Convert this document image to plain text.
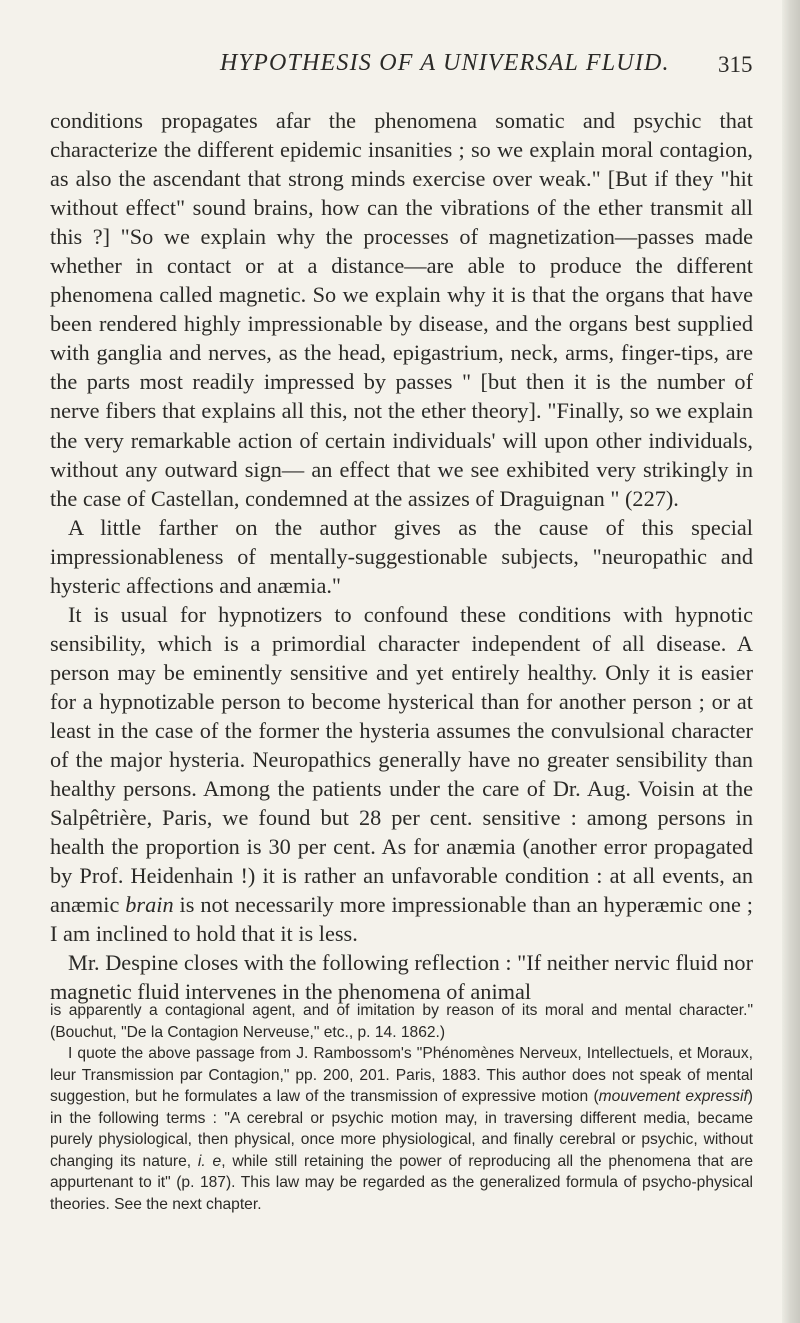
HYPOTHESIS OF A UNIVERSAL FLUID. 315

conditions propagates afar the phenomena somatic and psychic that characterize the different epidemic insanities ; so we explain moral contagion, as also the ascendant that strong minds exercise over weak." [But if they "hit without effect" sound brains, how can the vibrations of the ether transmit all this ?] "So we explain why the processes of magnetization—passes made whether in contact or at a distance—are able to produce the different phenomena called magnetic. So we explain why it is that the organs that have been rendered highly impressionable by disease, and the organs best supplied with ganglia and nerves, as the head, epigastrium, neck, arms, finger-tips, are the parts most readily impressed by passes " [but then it is the number of nerve fibers that explains all this, not the ether theory]. "Finally, so we explain the very remarkable action of certain individuals' will upon other individuals, without any outward sign— an effect that we see exhibited very strikingly in the case of Castellan, condemned at the assizes of Draguignan " (227).

A little farther on the author gives as the cause of this special impressionableness of mentally-suggestionable subjects, "neuropathic and hysteric affections and anæmia."

It is usual for hypnotizers to confound these conditions with hypnotic sensibility, which is a primordial character independent of all disease. A person may be eminently sensitive and yet entirely healthy. Only it is easier for a hypnotizable person to become hysterical than for another person ; or at least in the case of the former the hysteria assumes the convulsional character of the major hysteria. Neuropathics generally have no greater sensibility than healthy persons. Among the patients under the care of Dr. Aug. Voisin at the Salpêtrière, Paris, we found but 28 per cent. sensitive : among persons in health the proportion is 30 per cent. As for anæmia (another error propagated by Prof. Heidenhain !) it is rather an unfavorable condition : at all events, an anæmic brain is not necessarily more impressionable than an hyperæmic one ; I am inclined to hold that it is less.

Mr. Despine closes with the following reflection : "If neither nervic fluid nor magnetic fluid intervenes in the phenomena of animal

is apparently a contagional agent, and of imitation by reason of its moral and mental character." (Bouchut, "De la Contagion Nerveuse," etc., p. 14. 1862.)

I quote the above passage from J. Rambossom's "Phénomènes Nerveux, Intellectuels, et Moraux, leur Transmission par Contagion," pp. 200, 201. Paris, 1883. This author does not speak of mental suggestion, but he formulates a law of the transmission of expressive motion (mouvement expressif) in the following terms : "A cerebral or psychic motion may, in traversing different media, became purely physiological, then physical, once more physiological, and finally cerebral or psychic, without changing its nature, i. e, while still retaining the power of reproducing all the phenomena that are appurtenant to it" (p. 187). This law may be regarded as the generalized formula of psycho-physical theories. See the next chapter.
